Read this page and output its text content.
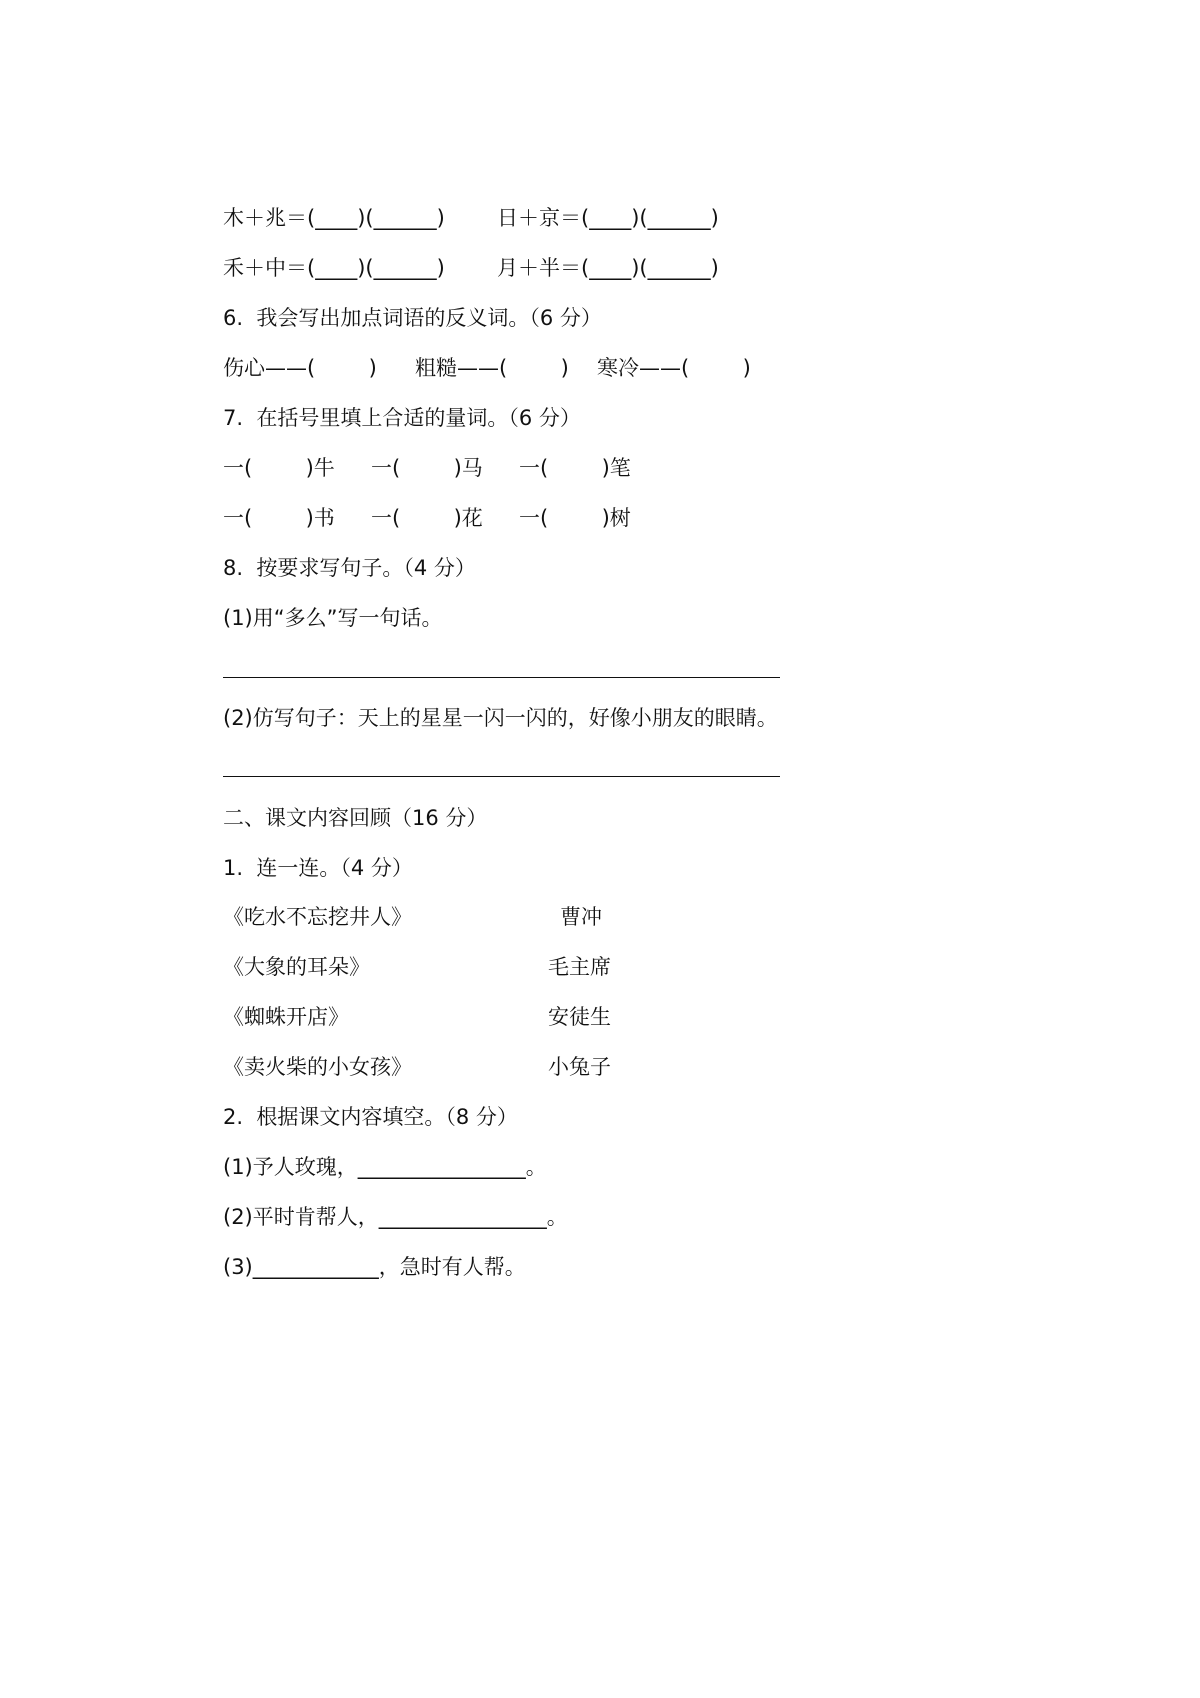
木＋兆＝(____)(______) 日＋京＝(____)(______)
禾＋中＝(____)(______) 月＋半＝(____)(______)
6.  我会写出加点词语的反义词。（6 分）
伤心——(        ) 粗糙——(        ) 寒冷——(        )
7.  在括号里填上合适的量词。（6 分）
一(        )牛 一(        )马 一(        )笔
一(        )书 一(        )花 一(        )树
8.  按要求写句子。（4 分）
(1)用“多么”写一句话。
(2)仿写句子：天上的星星一闪一闪的，好像小朋友的眼睛。
二、课文内容回顾（16 分）
1.  连一连。（4 分）
《吃水不忘挖井人》	曹冲
《大象的耳朵》	毛主席
《蜘蛛开店》	安徒生
《卖火柴的小女孩》	小兔子
2.  根据课文内容填空。（8 分）
(1)予人玫瑰，________________。
(2)平时肯帮人，________________。
(3)____________，急时有人帮。
